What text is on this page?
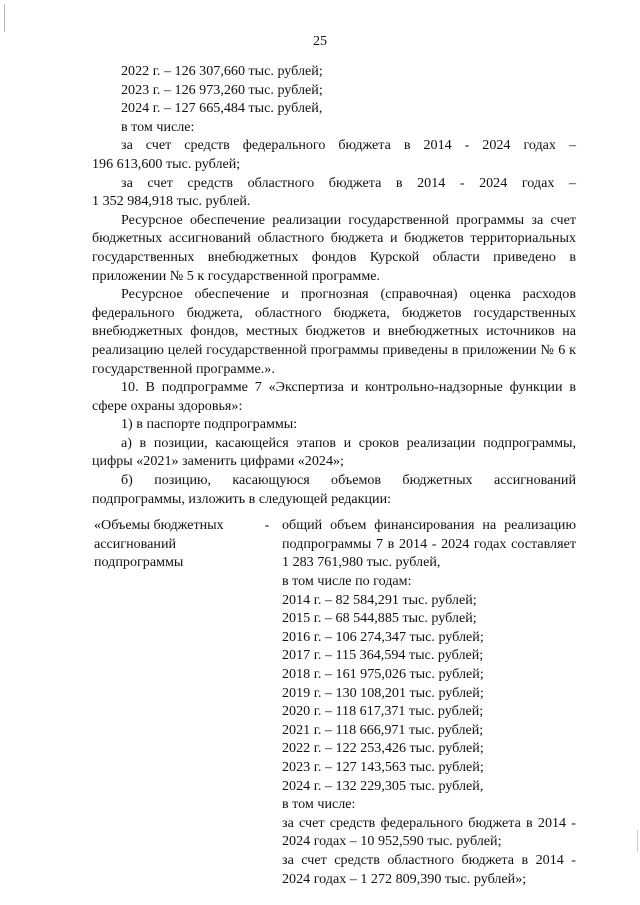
25

2022 г. – 126 307,660 тыс. рублей;

2023 г. – 126 973,260 тыс. рублей;

2024 г. – 127 665,484 тыс. рублей,

в том числе:

за счет средств федерального бюджета в 2014 - 2024 годах –

196 613,600 тыс. рублей;

за счет средств областного бюджета в 2014 - 2024 годах –

1 352 984,918 тыс. рублей.

Ресурсное обеспечение реализации государственной программы за счет бюджетных ассигнований областного бюджета и бюджетов территориальных государственных внебюджетных фондов Курской области приведено в приложении № 5 к государственной программе.

Ресурсное обеспечение и прогнозная (справочная) оценка расходов федерального бюджета, областного бюджета, бюджетов государственных внебюджетных фондов, местных бюджетов и внебюджетных источников на реализацию целей государственной программы приведены в приложении № 6 к государственной программе.».

10. В подпрограмме 7 «Экспертиза и контрольно-надзорные функции в сфере охраны здоровья»:

1) в паспорте подпрограммы:

а) в позиции, касающейся этапов и сроков реализации подпрограммы, цифры «2021» заменить цифрами «2024»;

б) позицию, касающуюся объемов бюджетных ассигнований подпрограммы, изложить в следующей редакции:

«Объемы бюджетных
ассигнований
подпрограммы
- общий объем финансирования на реализацию подпрограммы 7 в 2014 - 2024 годах составляет 1 283 761,980 тыс. рублей,

в том числе по годам:

2014 г. – 82 584,291 тыс. рублей;

2015 г. – 68 544,885 тыс. рублей;

2016 г. – 106 274,347 тыс. рублей;

2017 г. – 115 364,594 тыс. рублей;

2018 г. – 161 975,026 тыс. рублей;

2019 г. – 130 108,201 тыс. рублей;

2020 г. – 118 617,371 тыс. рублей;

2021 г. – 118 666,971 тыс. рублей;

2022 г. – 122 253,426 тыс. рублей;

2023 г. – 127 143,563 тыс. рублей;

2024 г. – 132 229,305 тыс. рублей,

в том числе:

за счет средств федерального бюджета в 2014 - 2024 годах – 10 952,590 тыс. рублей;

за счет средств областного бюджета в 2014 - 2024 годах – 1 272 809,390 тыс. рублей»;
